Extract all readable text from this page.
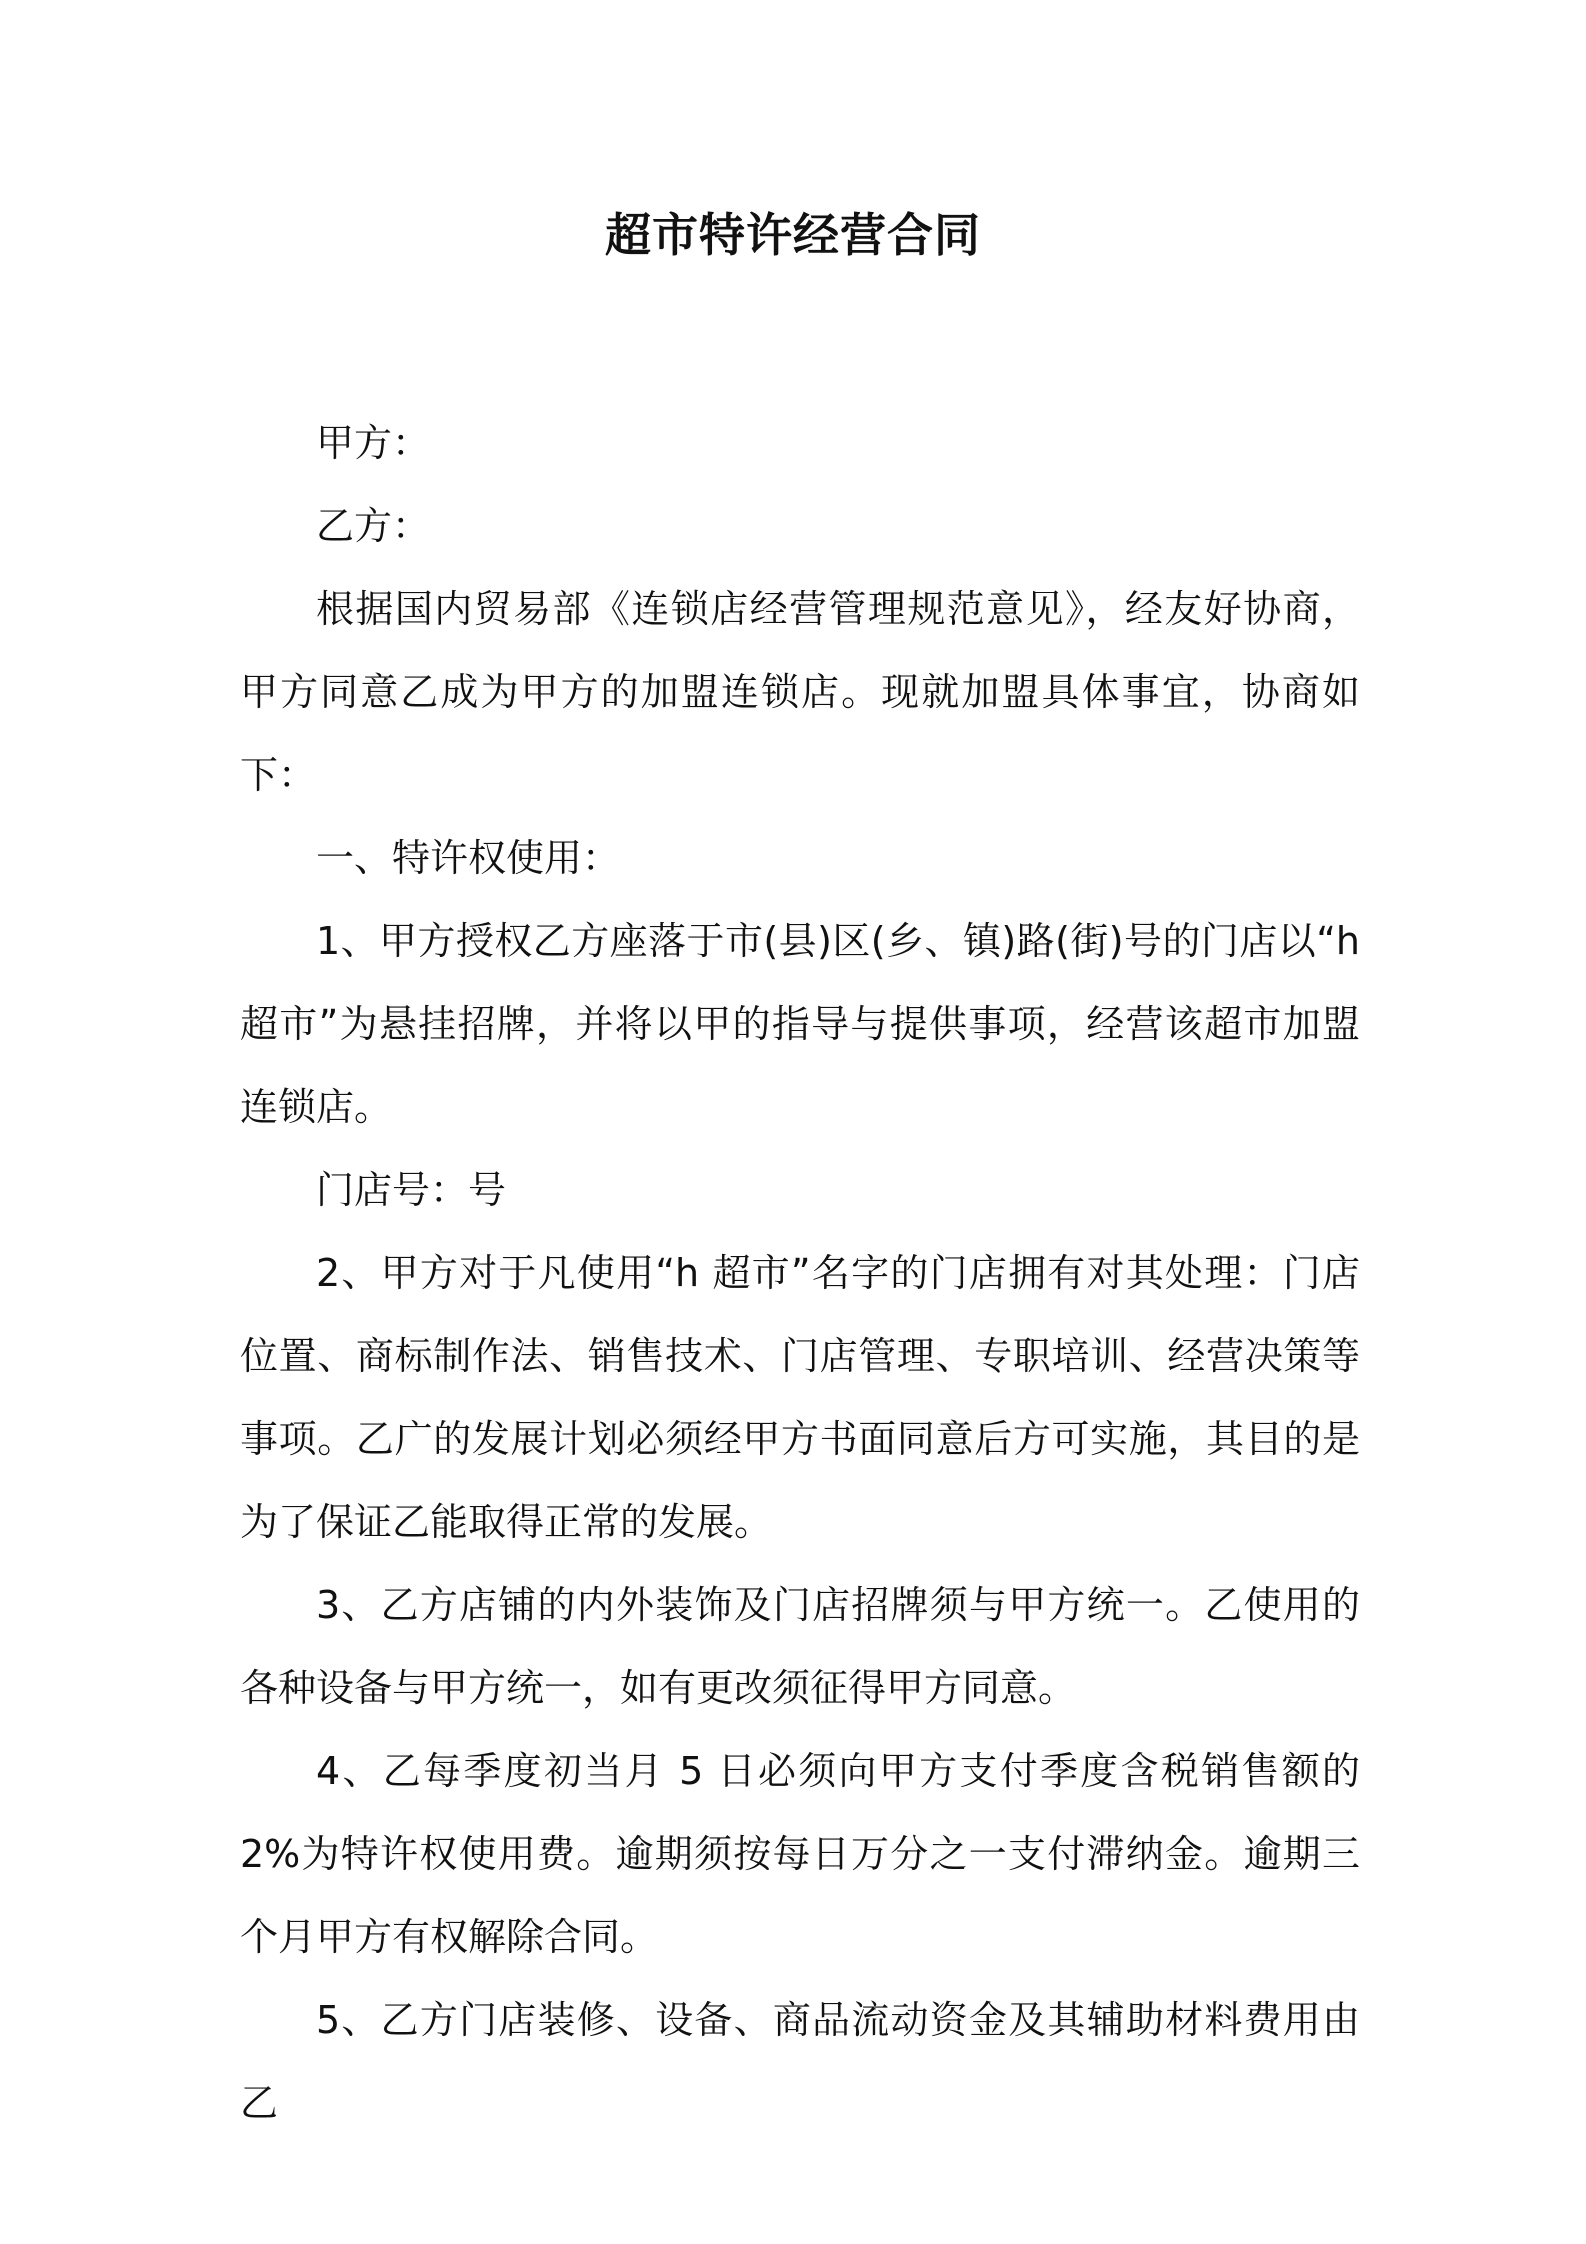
超市特许经营合同

甲方：

乙方：

根据国内贸易部《连锁店经营管理规范意见》，经友好协商，甲方同意乙成为甲方的加盟连锁店。现就加盟具体事宜，协商如下：

一、特许权使用：

1、甲方授权乙方座落于市(县)区(乡、镇)路(街)号的门店以“h超市”为悬挂招牌，并将以甲的指导与提供事项，经营该超市加盟连锁店。

门店号：号

2、甲方对于凡使用“h 超市”名字的门店拥有对其处理：门店位置、商标制作法、销售技术、门店管理、专职培训、经营决策等事项。乙广的发展计划必须经甲方书面同意后方可实施，其目的是为了保证乙能取得正常的发展。

3、乙方店铺的内外装饰及门店招牌须与甲方统一。乙使用的各种设备与甲方统一，如有更改须征得甲方同意。

4、乙每季度初当月 5 日必须向甲方支付季度含税销售额的 2%为特许权使用费。逾期须按每日万分之一支付滞纳金。逾期三个月甲方有权解除合同。

5、乙方门店装修、设备、商品流动资金及其辅助材料费用由乙
